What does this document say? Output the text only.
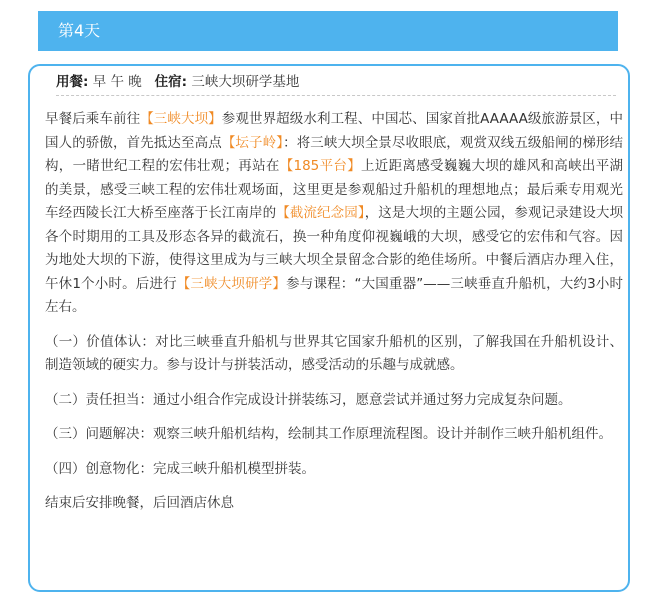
第4天
用餐: 早 午 晚 住宿: 三峡大坝研学基地

早餐后乘车前往【三峡大坝】参观世界超级水利工程、中国芯、国家首批AAAAA级旅游景区，中国人的骄傲，首先抵达至高点【坛子岭】：将三峡大坝全景尽收眼底，观赏双线五级船闸的梯形结构，一睹世纪工程的宏伟壮观；再站在【185平台】上近距离感受巍巍大坝的雄风和高峡出平湖的美景，感受三峡工程的宏伟壮观场面，这里更是参观船过升船机的理想地点；最后乘专用观光车经西陵长江大桥至座落于长江南岸的【截流纪念园】，这是大坝的主题公园，参观记录建设大坝各个时期用的工具及形态各异的截流石，换一种角度仰视巍峨的大坝，感受它的宏伟和气容。因为地处大坝的下游，使得这里成为与三峡大坝全景留念合影的绝佳场所。中餐后酒店办理入住，午休1个小时。后进行【三峡大坝研学】参与课程：“大国重器”——三峡垂直升船机，大约3小时左右。

（一）价值体认：对比三峡垂直升船机与世界其它国家升船机的区别，了解我国在升船机设计、制造领域的硬实力。参与设计与拼装活动，感受活动的乐趣与成就感。

（二）责任担当：通过小组合作完成设计拼装练习，愿意尝试并通过努力完成复杂问题。

（三）问题解决：观察三峡升船机结构，绘制其工作原理流程图。设计并制作三峡升船机组件。

（四）创意物化：完成三峡升船机模型拼装。

结束后安排晚餐，后回酒店休息
